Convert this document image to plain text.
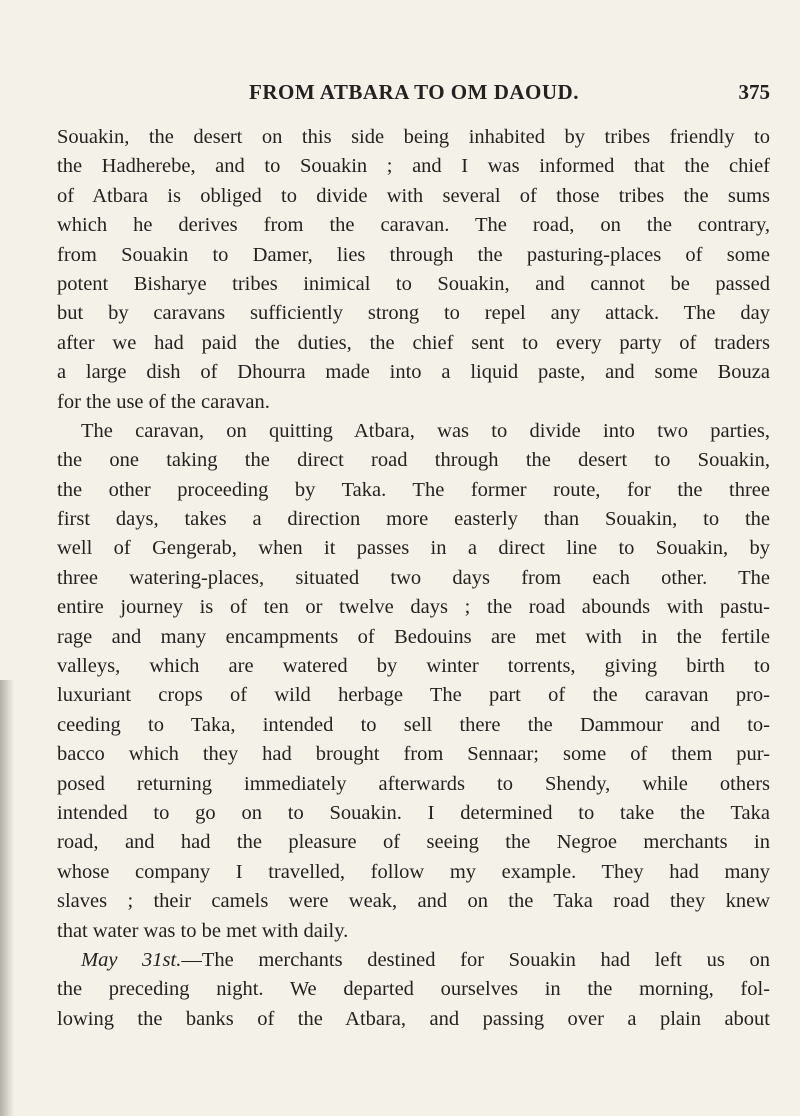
FROM ATBARA TO OM DAOUD.	375
Souakin, the desert on this side being inhabited by tribes friendly to
the Hadherebe, and to Souakin ; and I was informed that the chief
of Atbara is obliged to divide with several of those tribes the sums
which he derives from the caravan. The road, on the contrary,
from Souakin to Damer, lies through the pasturing-places of some
potent Bisharye tribes inimical to Souakin, and cannot be passed
but by caravans sufficiently strong to repel any attack. The day
after we had paid the duties, the chief sent to every party of traders
a large dish of Dhourra made into a liquid paste, and some Bouza
for the use of the caravan.
The caravan, on quitting Atbara, was to divide into two parties,
the one taking the direct road through the desert to Souakin,
the other proceeding by Taka. The former route, for the three
first days, takes a direction more easterly than Souakin, to the
well of Gengerab, when it passes in a direct line to Souakin, by
three watering-places, situated two days from each other. The
entire journey is of ten or twelve days ; the road abounds with pastu-
rage and many encampments of Bedouins are met with in the fertile
valleys, which are watered by winter torrents, giving birth to
luxuriant crops of wild herbage The part of the caravan pro-
ceeding to Taka, intended to sell there the Dammour and to-
bacco which they had brought from Sennaar; some of them pur-
posed returning immediately afterwards to Shendy, while others
intended to go on to Souakin. I determined to take the Taka
road, and had the pleasure of seeing the Negroe merchants in
whose company I travelled, follow my example. They had many
slaves ; their camels were weak, and on the Taka road they knew
that water was to be met with daily.
May 31st.—The merchants destined for Souakin had left us on
the preceding night. We departed ourselves in the morning, fol-
lowing the banks of the Atbara, and passing over a plain about
